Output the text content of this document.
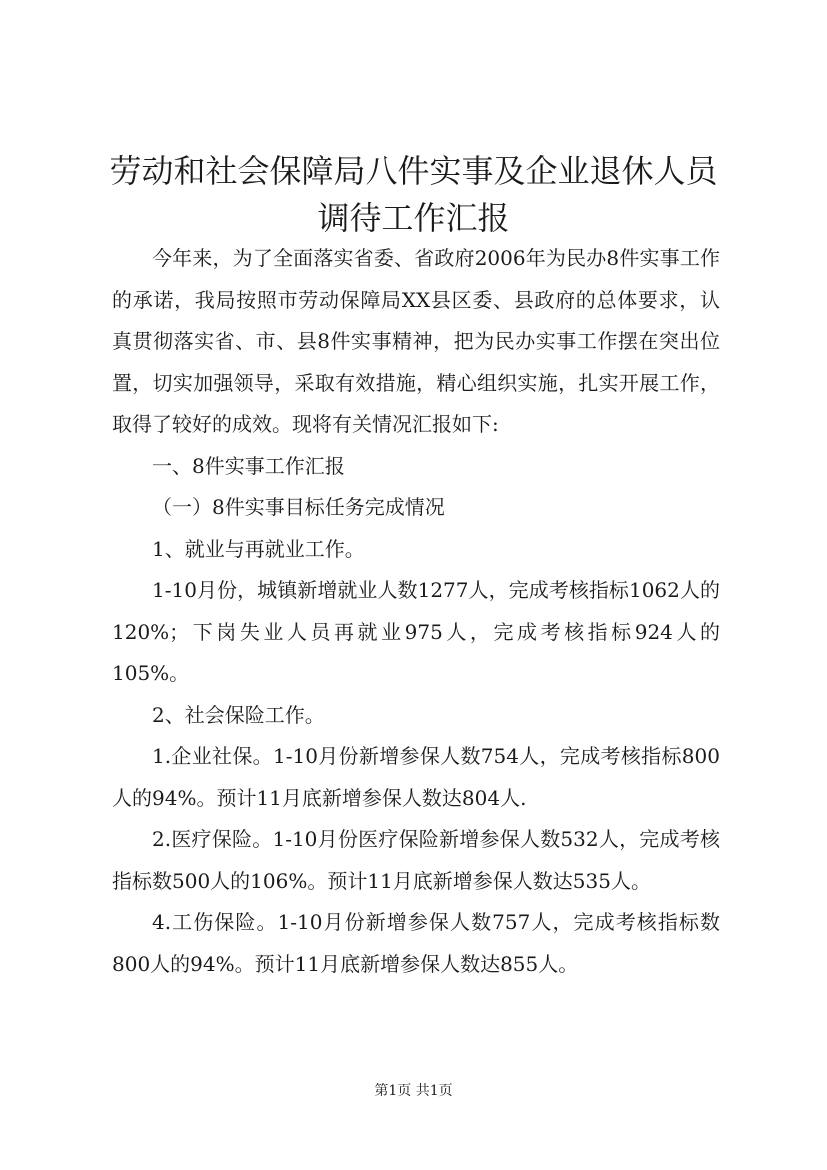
劳动和社会保障局八件实事及企业退休人员调待工作汇报

今年来，为了全面落实省委、省政府2006年为民办8件实事工作的承诺，我局按照市劳动保障局XX县区委、县政府的总体要求，认真贯彻落实省、市、县8件实事精神，把为民办实事工作摆在突出位置，切实加强领导，采取有效措施，精心组织实施，扎实开展工作，取得了较好的成效。现将有关情况汇报如下:

一、8件实事工作汇报

（一）8件实事目标任务完成情况

1、就业与再就业工作。

1-10月份，城镇新增就业人数1277人，完成考核指标1062人的120%；下岗失业人员再就业975人，完成考核指标924人的105%。

2、社会保险工作。

1.企业社保。1-10月份新增参保人数754人，完成考核指标800人的94%。预计11月底新增参保人数达804人.

2.医疗保险。1-10月份医疗保险新增参保人数532人，完成考核指标数500人的106%。预计11月底新增参保人数达535人。

4.工伤保险。1-10月份新增参保人数757人，完成考核指标数800人的94%。预计11月底新增参保人数达855人。

第1页 共1页
